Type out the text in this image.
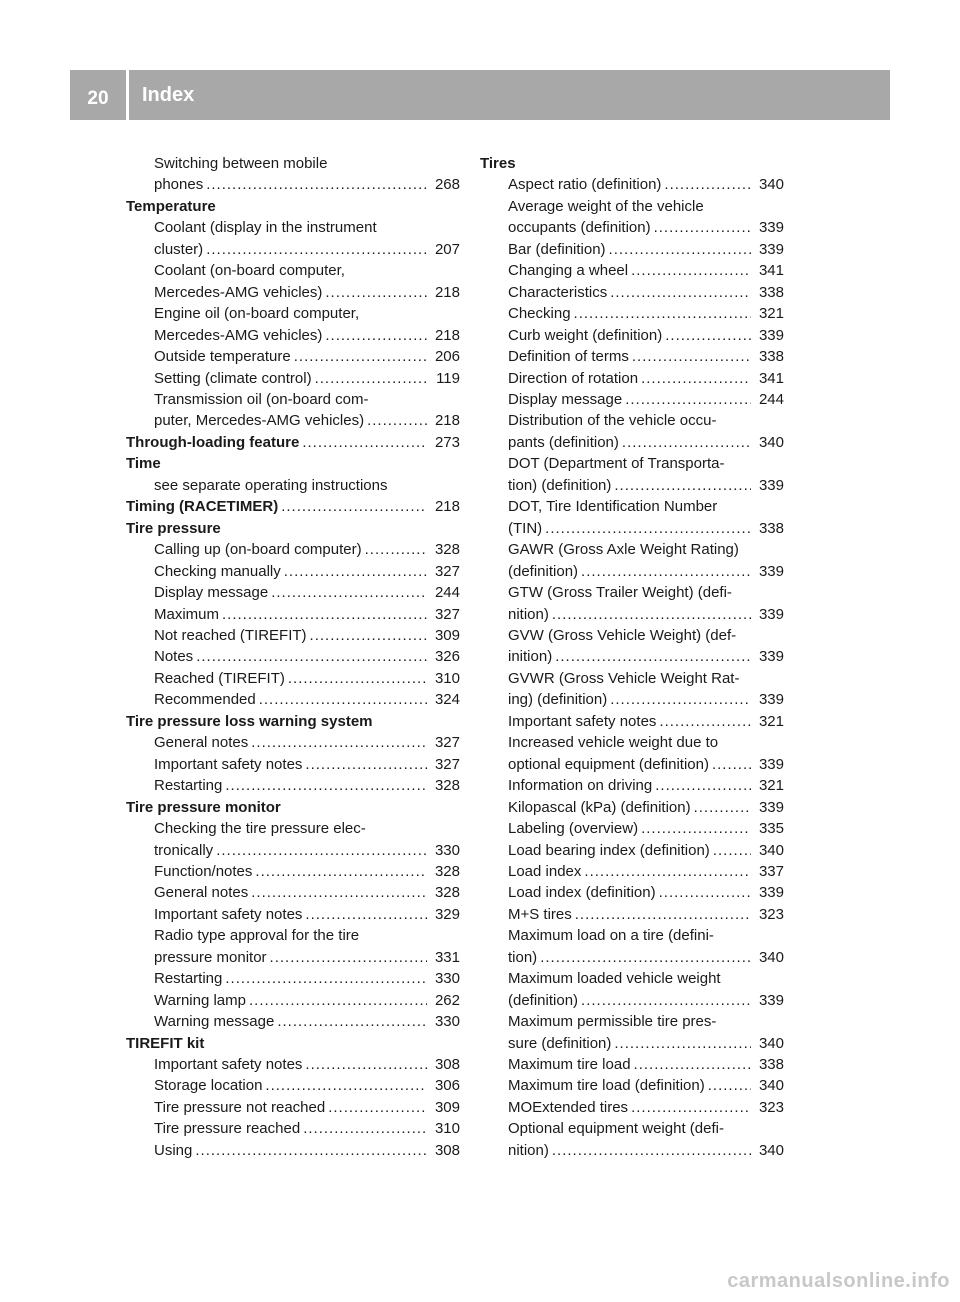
20	Index
Switching between mobile
phones .....	268
Temperature
Coolant (display in the instrument
cluster) .....	207
Coolant (on-board computer,
Mercedes-AMG vehicles) .....	218
Engine oil (on-board computer,
Mercedes-AMG vehicles) .....	218
Outside temperature .....	206
Setting (climate control) .....	119
Transmission oil (on-board com-
puter, Mercedes-AMG vehicles) .....	218
Through-loading feature .....	273
Time
see separate operating instructions
Timing (RACETIMER) .....	218
Tire pressure
Calling up (on-board computer) .....	328
Checking manually .....	327
Display message .....	244
Maximum .....	327
Not reached (TIREFIT) .....	309
Notes .....	326
Reached (TIREFIT) .....	310
Recommended .....	324
Tire pressure loss warning system
General notes .....	327
Important safety notes .....	327
Restarting .....	328
Tire pressure monitor
Checking the tire pressure elec-
tronically .....	330
Function/notes .....	328
General notes .....	328
Important safety notes .....	329
Radio type approval for the tire
pressure monitor .....	331
Restarting .....	330
Warning lamp .....	262
Warning message .....	330
TIREFIT kit
Important safety notes .....	308
Storage location .....	306
Tire pressure not reached .....	309
Tire pressure reached .....	310
Using .....	308
Tires
Aspect ratio (definition) .....	340
Average weight of the vehicle
occupants (definition) .....	339
Bar (definition) .....	339
Changing a wheel .....	341
Characteristics .....	338
Checking .....	321
Curb weight (definition) .....	339
Definition of terms .....	338
Direction of rotation .....	341
Display message .....	244
Distribution of the vehicle occu-
pants (definition) .....	340
DOT (Department of Transporta-
tion) (definition) .....	339
DOT, Tire Identification Number
(TIN) .....	338
GAWR (Gross Axle Weight Rating)
(definition) .....	339
GTW (Gross Trailer Weight) (defi-
nition) .....	339
GVW (Gross Vehicle Weight) (def-
inition) .....	339
GVWR (Gross Vehicle Weight Rat-
ing) (definition) .....	339
Important safety notes .....	321
Increased vehicle weight due to
optional equipment (definition) .....	339
Information on driving .....	321
Kilopascal (kPa) (definition) .....	339
Labeling (overview) .....	335
Load bearing index (definition) .....	340
Load index .....	337
Load index (definition) .....	339
M+S tires .....	323
Maximum load on a tire (defini-
tion) .....	340
Maximum loaded vehicle weight
(definition) .....	339
Maximum permissible tire pres-
sure (definition) .....	340
Maximum tire load .....	338
Maximum tire load (definition) .....	340
MOExtended tires .....	323
Optional equipment weight (defi-
nition) .....	340
carmanualsonline.info
